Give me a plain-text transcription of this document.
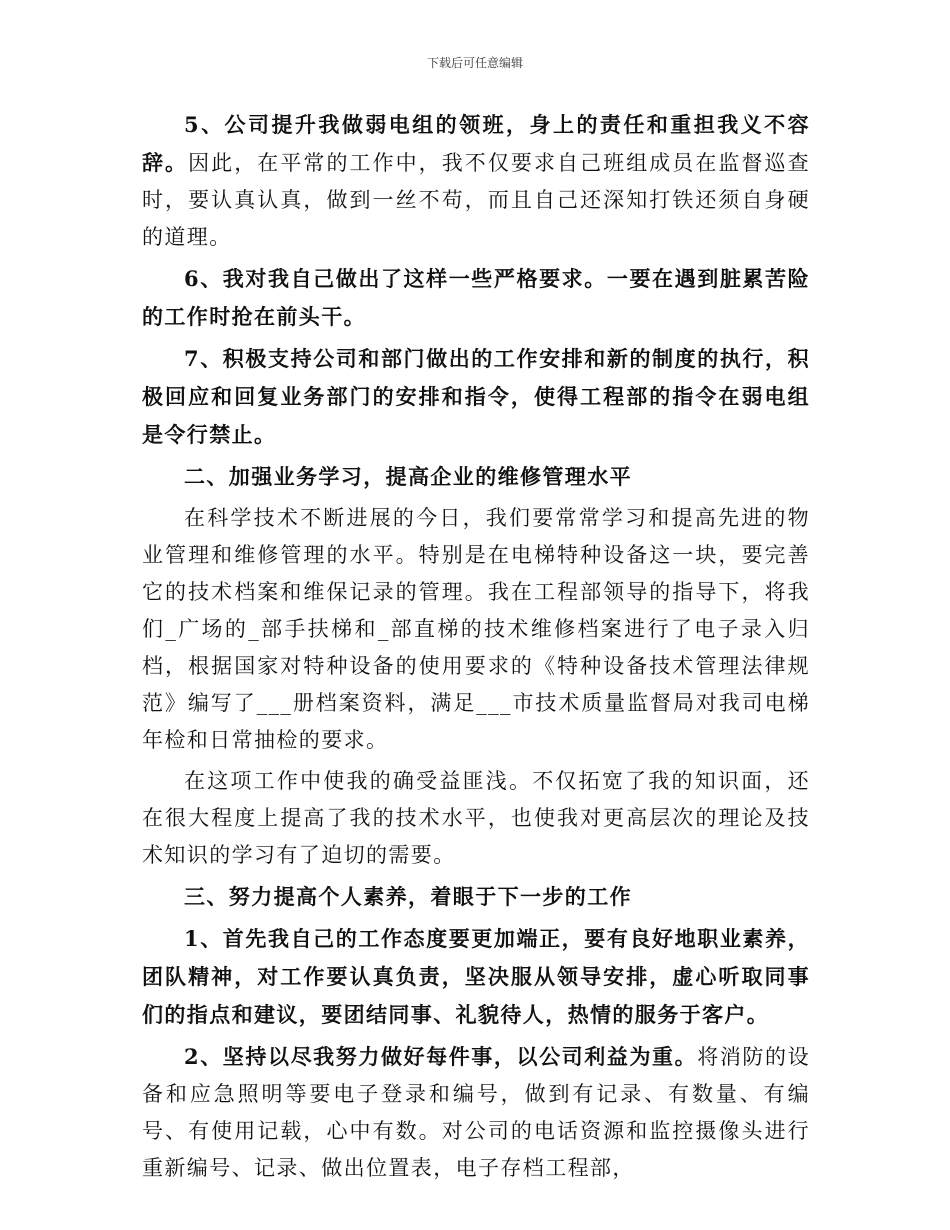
下载后可任意编辑

5、公司提升我做弱电组的领班，身上的责任和重担我义不容辞。因此，在平常的工作中，我不仅要求自己班组成员在监督巡查时，要认真认真，做到一丝不苟，而且自己还深知打铁还须自身硬的道理。

6、我对我自己做出了这样一些严格要求。一要在遇到脏累苦险的工作时抢在前头干。

7、积极支持公司和部门做出的工作安排和新的制度的执行，积极回应和回复业务部门的安排和指令，使得工程部的指令在弱电组是令行禁止。

二、加强业务学习，提高企业的维修管理水平

在科学技术不断进展的今日，我们要常常学习和提高先进的物业管理和维修管理的水平。特别是在电梯特种设备这一块，要完善它的技术档案和维保记录的管理。我在工程部领导的指导下，将我们_广场的_部手扶梯和_部直梯的技术维修档案进行了电子录入归档，根据国家对特种设备的使用要求的《特种设备技术管理法律规范》编写了___册档案资料，满足___市技术质量监督局对我司电梯年检和日常抽检的要求。

在这项工作中使我的确受益匪浅。不仅拓宽了我的知识面，还在很大程度上提高了我的技术水平，也使我对更高层次的理论及技术知识的学习有了迫切的需要。

三、努力提高个人素养，着眼于下一步的工作

1、首先我自己的工作态度要更加端正，要有良好地职业素养，团队精神，对工作要认真负责，坚决服从领导安排，虚心听取同事们的指点和建议，要团结同事、礼貌待人，热情的服务于客户。

2、坚持以尽我努力做好每件事，以公司利益为重。将消防的设备和应急照明等要电子登录和编号，做到有记录、有数量、有编号、有使用记载，心中有数。对公司的电话资源和监控摄像头进行重新编号、记录、做出位置表，电子存档工程部，
